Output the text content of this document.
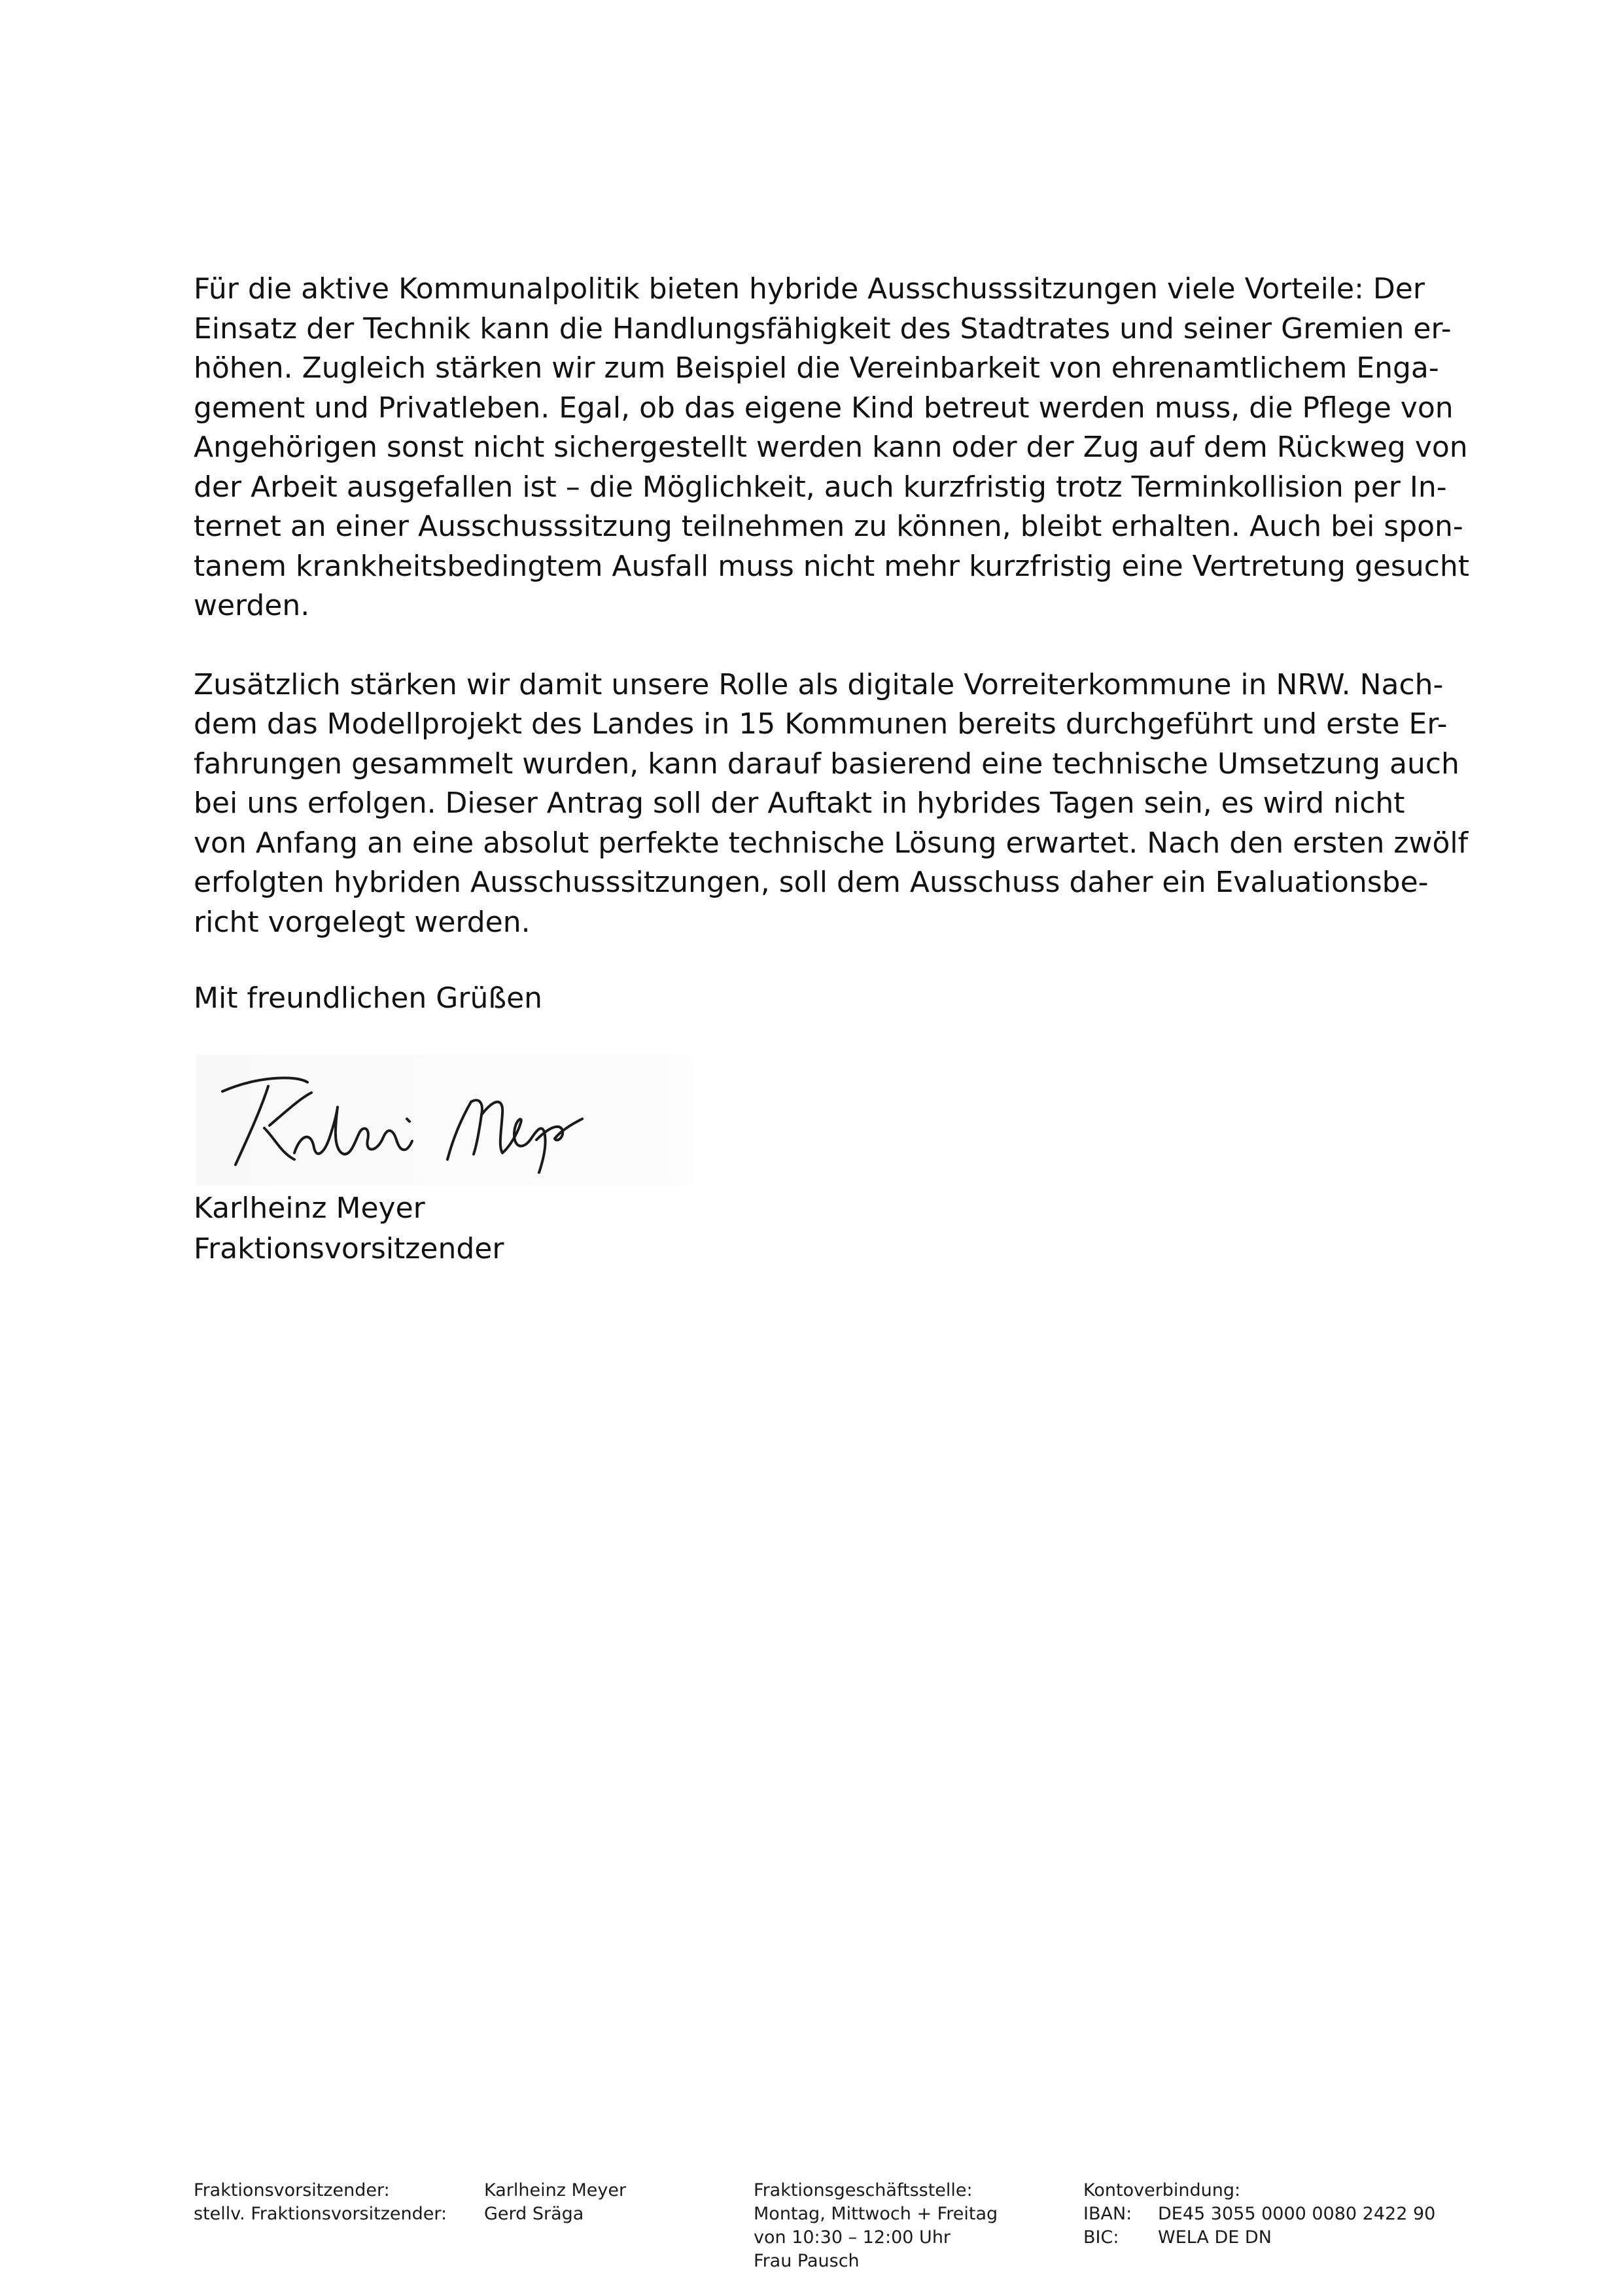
Für die aktive Kommunalpolitik bieten hybride Ausschusssitzungen viele Vorteile: Der
Einsatz der Technik kann die Handlungsfähigkeit des Stadtrates und seiner Gremien er-
höhen. Zugleich stärken wir zum Beispiel die Vereinbarkeit von ehrenamtlichem Enga-
gement und Privatleben. Egal, ob das eigene Kind betreut werden muss, die Pflege von
Angehörigen sonst nicht sichergestellt werden kann oder der Zug auf dem Rückweg von
der Arbeit ausgefallen ist – die Möglichkeit, auch kurzfristig trotz Terminkollision per In-
ternet an einer Ausschusssitzung teilnehmen zu können, bleibt erhalten. Auch bei spon-
tanem krankheitsbedingtem Ausfall muss nicht mehr kurzfristig eine Vertretung gesucht
werden.

Zusätzlich stärken wir damit unsere Rolle als digitale Vorreiterkommune in NRW. Nach-
dem das Modellprojekt des Landes in 15 Kommunen bereits durchgeführt und erste Er-
fahrungen gesammelt wurden, kann darauf basierend eine technische Umsetzung auch
bei uns erfolgen. Dieser Antrag soll der Auftakt in hybrides Tagen sein, es wird nicht
von Anfang an eine absolut perfekte technische Lösung erwartet. Nach den ersten zwölf
erfolgten hybriden Ausschusssitzungen, soll dem Ausschuss daher ein Evaluationsbe-
richt vorgelegt werden.

Mit freundlichen Grüßen
Karlheinz Meyer
Fraktionsvorsitzender
Fraktionsvorsitzender:
stellv. Fraktionsvorsitzender:
Karlheinz Meyer
Gerd Sräga
Fraktionsgeschäftsstelle:
Montag, Mittwoch + Freitag
von 10:30 – 12:00 Uhr
Frau Pausch
Kontoverbindung:
IBAN:	DE45 3055 0000 0080 2422 90
BIC:	WELA DE DN
